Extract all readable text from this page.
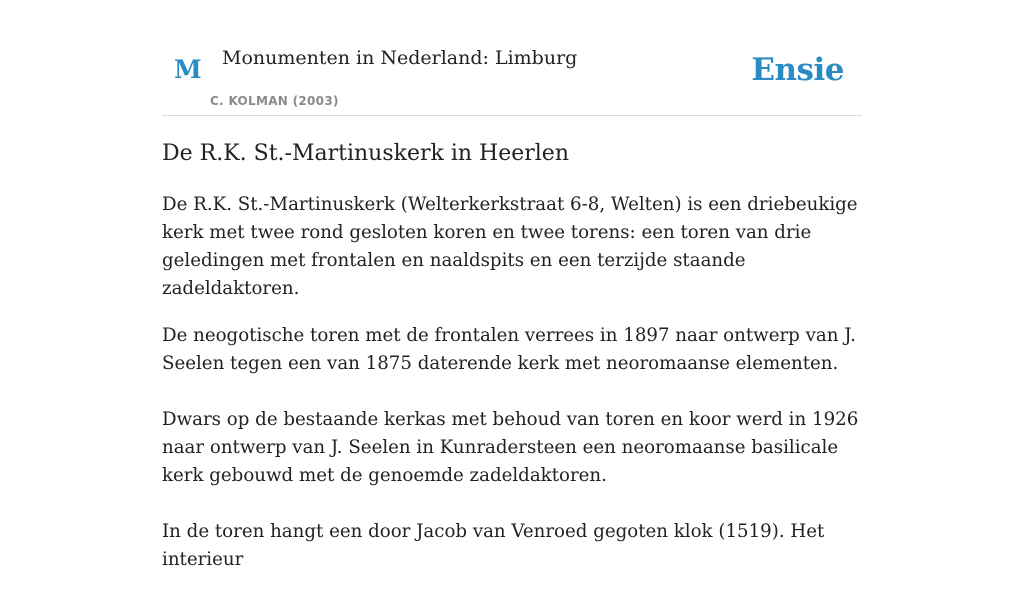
M Monumenten in Nederland: Limburg
C. KOLMAN (2003)
Ensie
De R.K. St.-Martinuskerk in Heerlen

De R.K. St.-Martinuskerk (Welterkerkstraat 6-8, Welten) is een driebeukige kerk met twee rond gesloten koren en twee torens: een toren van drie geledingen met frontalen en naaldspits en een terzijde staande zadeldaktoren.

De neogotische toren met de frontalen verrees in 1897 naar ontwerp van J. Seelen tegen een van 1875 daterende kerk met neoromaanse elementen.

Dwars op de bestaande kerkas met behoud van toren en koor werd in 1926 naar ontwerp van J. Seelen in Kunradersteen een neoromaanse basilicale kerk gebouwd met de genoemde zadeldaktoren.

In de toren hangt een door Jacob van Venroed gegoten klok (1519). Het interieur
